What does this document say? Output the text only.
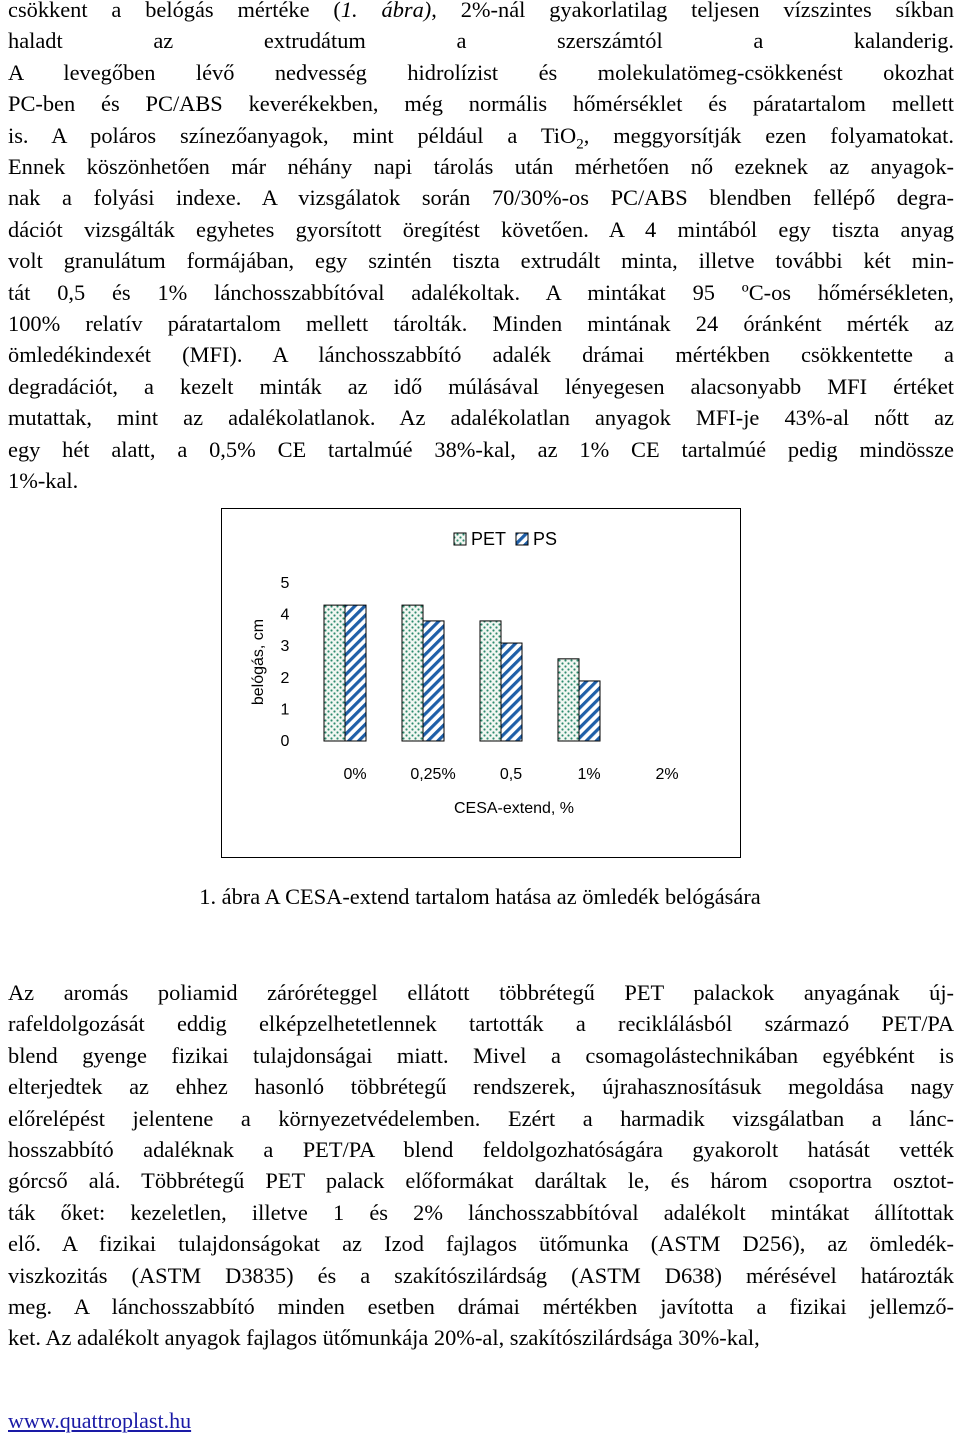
csökkent a belógás mértéke (1. ábra), 2%-nál gyakorlatilag teljesen vízszintes síkban
haladt az extrudátum a szerszámtól a kalanderig.
A levegőben lévő nedvesség hidrolízist és molekulatömeg-csökkenést okozhat
PC-ben és PC/ABS keverékekben, még normális hőmérséklet és páratartalom mellett
is. A poláros színezőanyagok, mint például a TiO$_2$, meggyorsítják ezen folyamatokat.
Ennek köszönhetően már néhány napi tárolás után mérhetően nő ezeknek az anyagok-
nak a folyási indexe. A vizsgálatok során 70/30%-os PC/ABS blendben fellépő degra-
dációt vizsgálták egyhetes gyorsított öregítést követően. A 4 mintából egy tiszta anyag
volt granulátum formájában, egy szintén tiszta extrudált minta, illetve további két min-
tát 0,5 és 1% lánchosszabbítóval adalékoltak. A mintákat 95 ºC-os hőmérsékleten,
100% relatív páratartalom mellett tárolták. Minden mintának 24 óránként mérték az
ömledékindexét (MFI). A lánchosszabbító adalék drámai mértékben csökkentette a
degradációt, a kezelt minták az idő múlásával lényegesen alacsonyabb MFI értéket
mutattak, mint az adalékolatlanok. Az adalékolatlan anyagok MFI-je 43%-al nőtt az
egy hét alatt, a 0,5% CE tartalmúé 38%-kal, az 1% CE tartalmúé pedig mindössze
1%-kal.
PET PS
belógás, cm
0
1
2
3
4
5
0%	0,25%	0,5	1%	2%
CESA-extend, %
1. ábra A CESA-extend tartalom hatása az ömledék belógására
Az aromás poliamid záróréteggel ellátott többrétegű PET palackok anyagának új-
rafeldolgozását eddig elképzelhetetlennek tartották a reciklálásból származó PET/PA
blend gyenge fizikai tulajdonságai miatt. Mivel a csomagolástechnikában egyébként is
elterjedtek az ehhez hasonló többrétegű rendszerek, újrahasznosításuk megoldása nagy
előrelépést jelentene a környezetvédelemben. Ezért a harmadik vizsgálatban a lánc-
hosszabbító adaléknak a PET/PA blend feldolgozhatóságára gyakorolt hatását vették
górcső alá. Többrétegű PET palack előformákat daráltak le, és három csoportra osztot-
ták őket: kezeletlen, illetve 1 és 2% lánchosszabbítóval adalékolt mintákat állítottak
elő. A fizikai tulajdonságokat az Izod fajlagos ütőmunka (ASTM D256), az ömledék-
viszkozitás (ASTM D3835) és a szakítószilárdság (ASTM D638) mérésével határozták
meg. A lánchosszabbító minden esetben drámai mértékben javította a fizikai jellemző-
ket. Az adalékolt anyagok fajlagos ütőmunkája 20%-al, szakítószilárdsága 30%-kal,
www.quattroplast.hu
